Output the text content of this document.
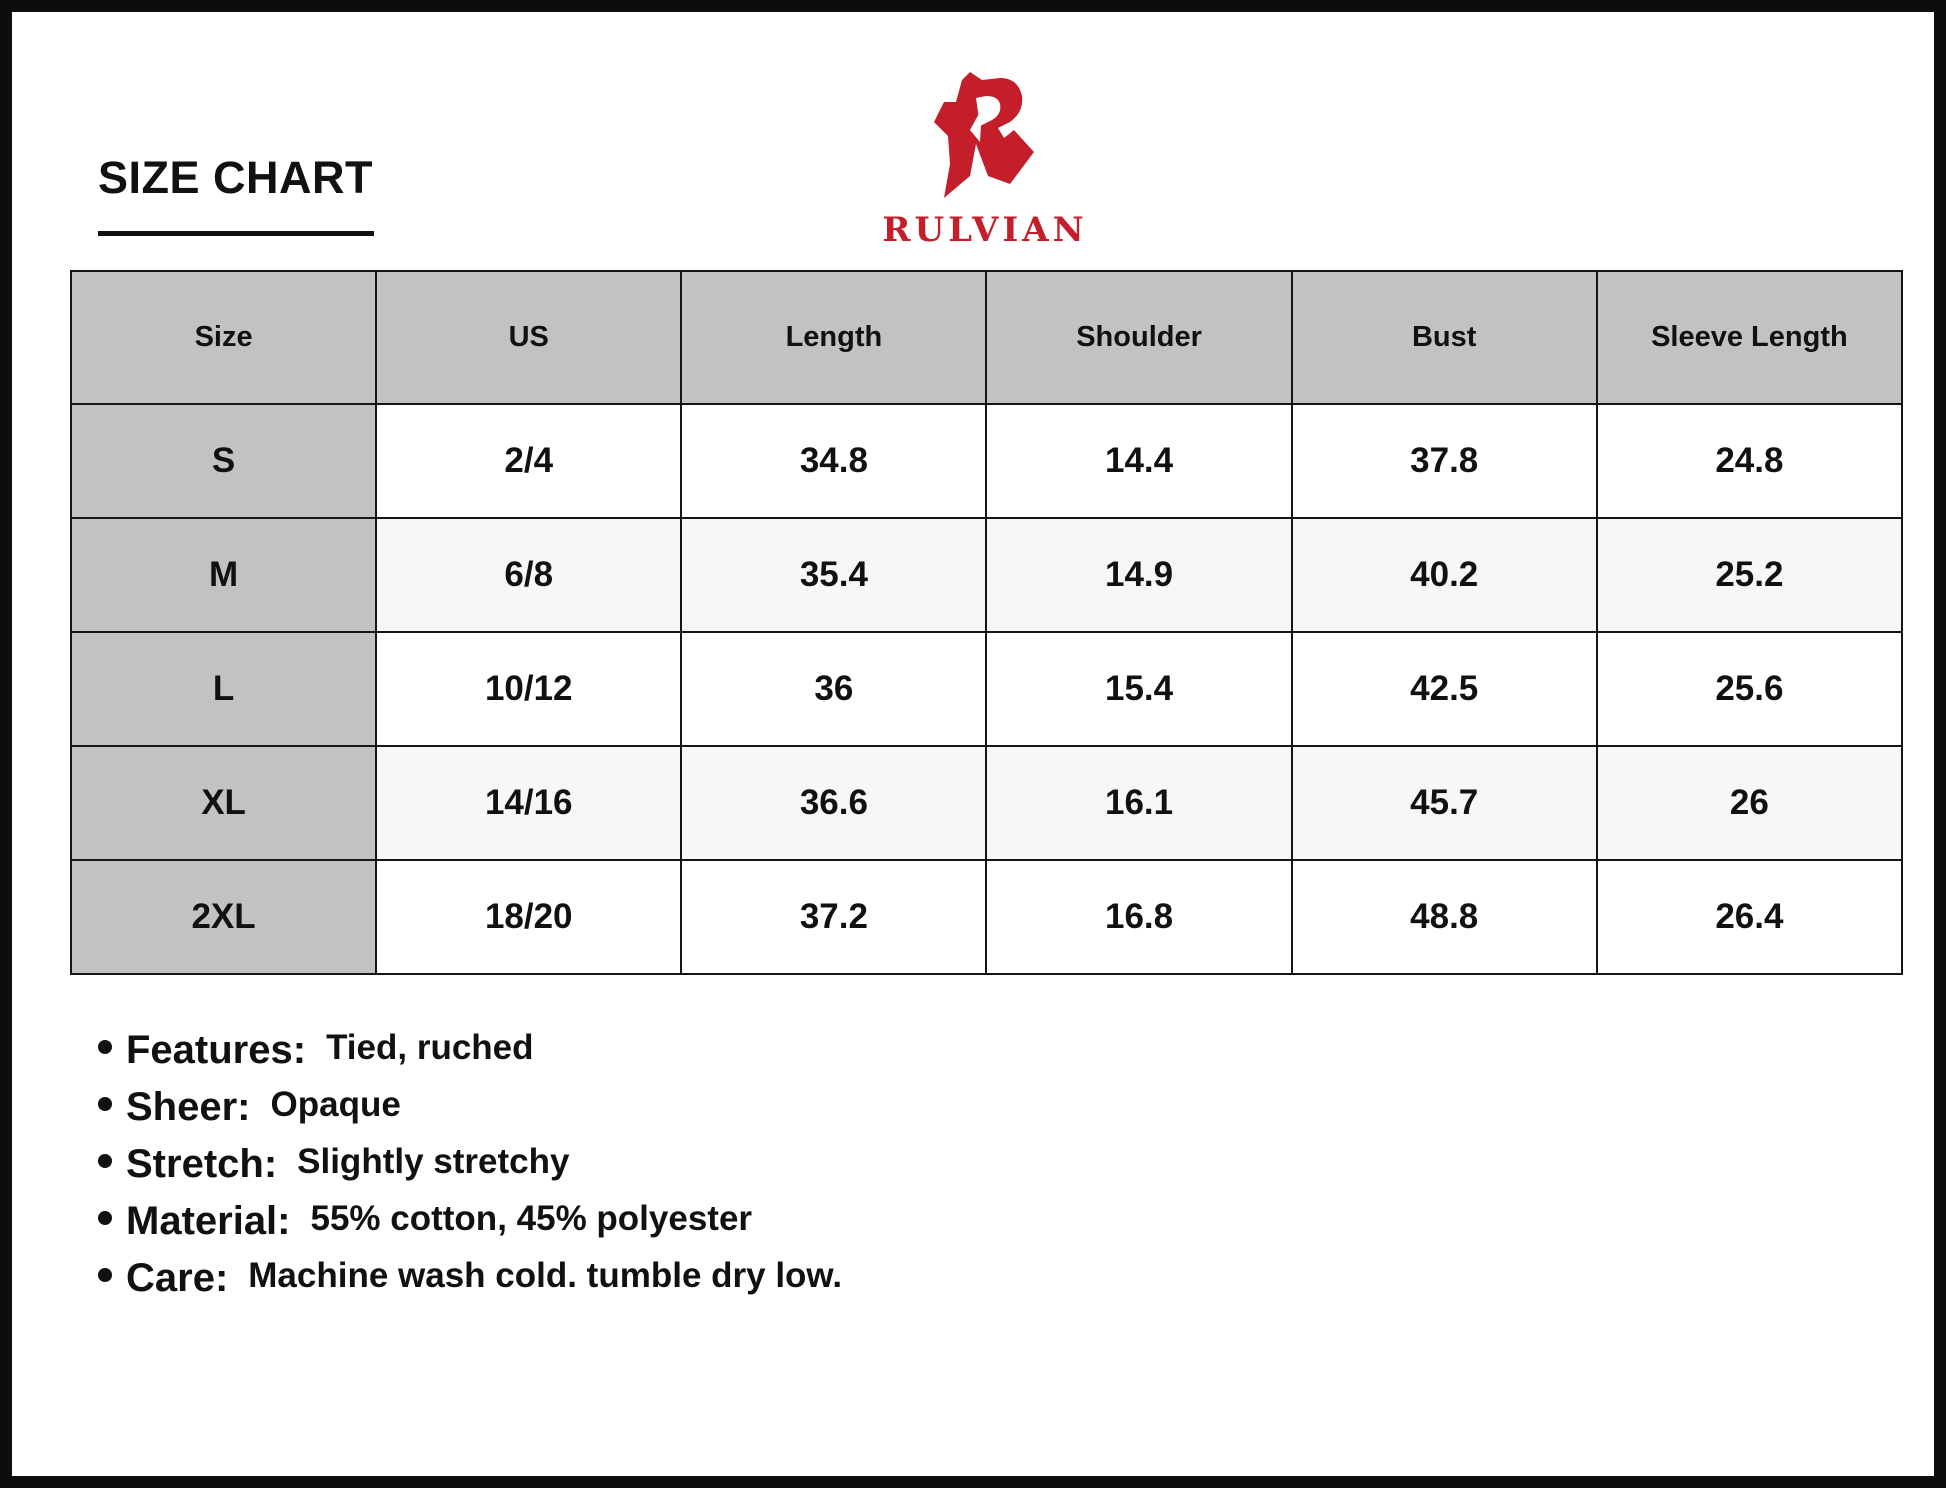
SIZE CHART
RULVIAN
Size	US	Length	Shoulder	Bust	Sleeve Length
S	2/4	34.8	14.4	37.8	24.8
M	6/8	35.4	14.9	40.2	25.2
L	10/12	36	15.4	42.5	25.6
XL	14/16	36.6	16.1	45.7	26
2XL	18/20	37.2	16.8	48.8	26.4
Features: Tied, ruched
Sheer: Opaque
Stretch: Slightly stretchy
Material: 55% cotton, 45% polyester
Care: Machine wash cold. tumble dry low.
